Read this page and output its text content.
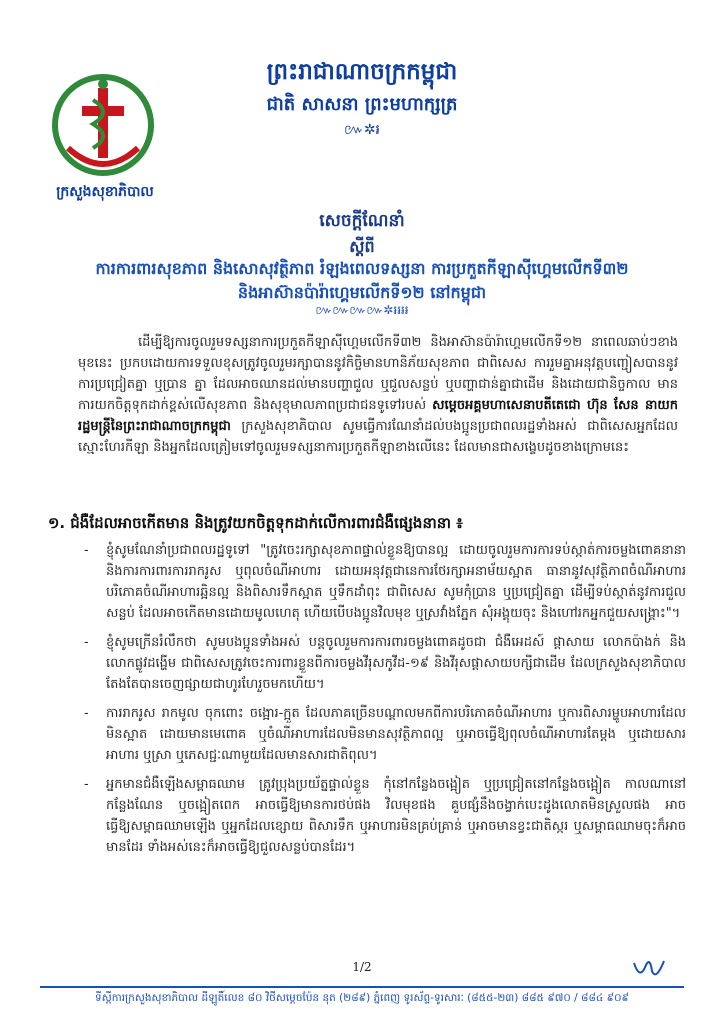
ព្រះរាជាណាចក្រកម្ពុជា
ជាតិ សាសនា ព្រះមហាក្សត្រ
៚✲៛
ក្រសួងសុខាភិបាល
សេចក្ដីណែនាំ
ស្ដីពី
ការការពារសុខភាព និងសោសុវត្ថិភាព រំឡងពេលទស្សនា ការប្រកួតកីឡាស៊ីហ្គេមលើកទី៣២
និងអាស៊ានប៉ារ៉ាហ្គេមលើកទី១២ នៅកម្ពុជា
៚៚៚៚✲៛៛៛៛
ដើម្បីឱ្យការចូលរួមទស្សនាការប្រកួតកីឡាស៊ីហ្គេមលើកទី៣២ និងអាស៊ានប៉ារ៉ាហ្គេមលើកទី១២ នាពេលឆាប់ៗខាងមុខនេះ ប្រកបដោយការទទួលខុសត្រូវចូលរួមរក្សាបាននូវកិច្ចិមានហានិភ័យសុខភាព ជាពិសេស ការរួមគ្នាអនុវត្តបញ្ជៀសបាននូវការប្រជ្រៀតគ្នា ឬប្រាន គ្នា ដែលអាចឈានដល់មានបញ្ហាជួល ឬជួលសន្លប់ ឬបញ្ហាជាន់គ្នាជាដើម និងដោយជានិច្ចកាល មានការយកចិត្តទុកដាក់ខ្ពស់លើសុខភាព និងសុខុមាលភាពប្រជាជនទូទៅរបស់ សម្ដេចអគ្គមហាសេនាបតីតេជោ ហ៊ុន សែន នាយករដ្ឋមន្ត្រីនៃព្រះរាជាណាចក្រកម្ពុជា ក្រសួងសុខាភិបាល សូមធ្វើការណែនាំដល់បងប្អូនប្រជាពលរដ្ឋទាំងអស់ ជាពិសេសអ្នកដែលស្មោះហែរកីឡា និងអ្នកដែលត្រៀមទៅចូលរួមទស្សនាការប្រកួតកីឡាខាងលើនេះ ដែលមានជាសង្ខេបដូចខាងក្រោមនេះ
១. ជំងឺដែលអាចកើតមាន និងត្រូវយកចិត្តទុកដាក់លើការពារជំងឺផ្សេងនានា ៖
-	ខ្ញុំសូមណែនាំប្រជាពលរដ្ឋទូទៅ "ត្រូវចេះរក្សាសុខភាពផ្ទាល់ខ្លួនឱ្យបានល្អ ដោយចូលរួមការការទប់ស្កាត់ការចម្លងពោគនានា និងការការពារការរាករូស ឬពុលចំណីអាហារ ដោយអនុវត្តជានេការថែរក្សាអនាម័យស្អាត ធានានូវសុវត្ថិភាពចំណីអាហារ បរិភោគចំណីអាហារឆ្អិនល្អ និងពិសារទឹកស្អាត ឬទឹកដាំពុះ ជាពិសេស សូមកុំប្រាន ឬប្រជ្រៀតគ្នា ដើម្បីទប់ស្កាត់នូវការជួលសន្លប់ ដែលអាចកើតមានដោយមូលហេតុ ហើយបើបងប្អូនវិលមុខ ឬស្រវាំងភ្នែក សុំអង្គុយចុះ និងហៅរកអ្នកជួយសង្គ្រោះ"។
-	ខ្ញុំសូមក្រើនរំលឹកថា សូមបងប្អូនទាំងអស់ បន្តចូលរួមការការពារចម្លងពោគដូចជា ជំងឺអេដស៍ ផ្ដាសាយ លោកប៉ាងក់ និងលោកផ្លូវដង្ហើម ជាពិសេសត្រូវចេះការពារខ្លួនពីការចម្លងវីរុសកូវីដ-១៩ និងវីរុសផ្ដាសាយបក្សីជាដើម ដែលក្រសួងសុខាភិបាលតែងតែបានចេញផ្សាយជាហូរហែរួចមកហើយ។
-	ការរាករូស រាកមូល ចុកពោះ ចង្អោរ-ក្អួត ដែលភាគច្រើនបណ្ដាលមកពីការបរិភោគចំណីអាហារ ឬការពិសារម្ហូបអាហារដែលមិនស្អាត ដោយមានមេពោគ ឬចំណីអាហារដែលមិនមានសុវត្ថិភាពល្អ ឬអាចធ្វើឱ្យពុលចំណីអាហារតែម្ដង ឬដោយសារអាហារ ឬស្រា ឬភេសជ្ជៈណាមួយដែលមានសារជាតិពុល។
-	អ្នកមានជំងឺឡើងសម្ពាធឈាម ត្រូវប្រុងប្រយ័ត្នផ្ទាល់ខ្លួន កុំនៅកន្លែងចង្អៀត ឬប្រជ្រៀតនៅកន្លែងចង្អៀត កាលណានៅកន្លែងណែន ឬចង្អៀតពេក អាចធ្វើឱ្យមានការថប់ផង វិលមុខផង គួបផ្សំនឹងចង្វាក់បេះដូងលោតមិនស្រួលផង អាចធ្វើឱ្យសម្ពាធឈាមឡើង ឬអ្នកដែលខ្សោយ ពិសារទឹក ឬអាហារមិនគ្រប់គ្រាន់ ឬអាចមានខ្វះជាតិស្ករ ឬសម្ពាធឈាមចុះក៏អាចមានដែរ ទាំងអស់នេះក៏អាចធ្វើឱ្យជួលសន្លប់បានដែរ។
1/2
ទីស្ដីការក្រសួងសុខាភិបាល ដីឡូតិ៍លេខ ៨០ វិថីសម្ដេចប៉ែន នុត (២៨៩) ភ្នំពេញ ទូរស័ព្ទ-ទូរសារៈ (៨៥៥-២៣) ៨៨៥ ៩៧០ / ៨៨៤ ៩០៩
